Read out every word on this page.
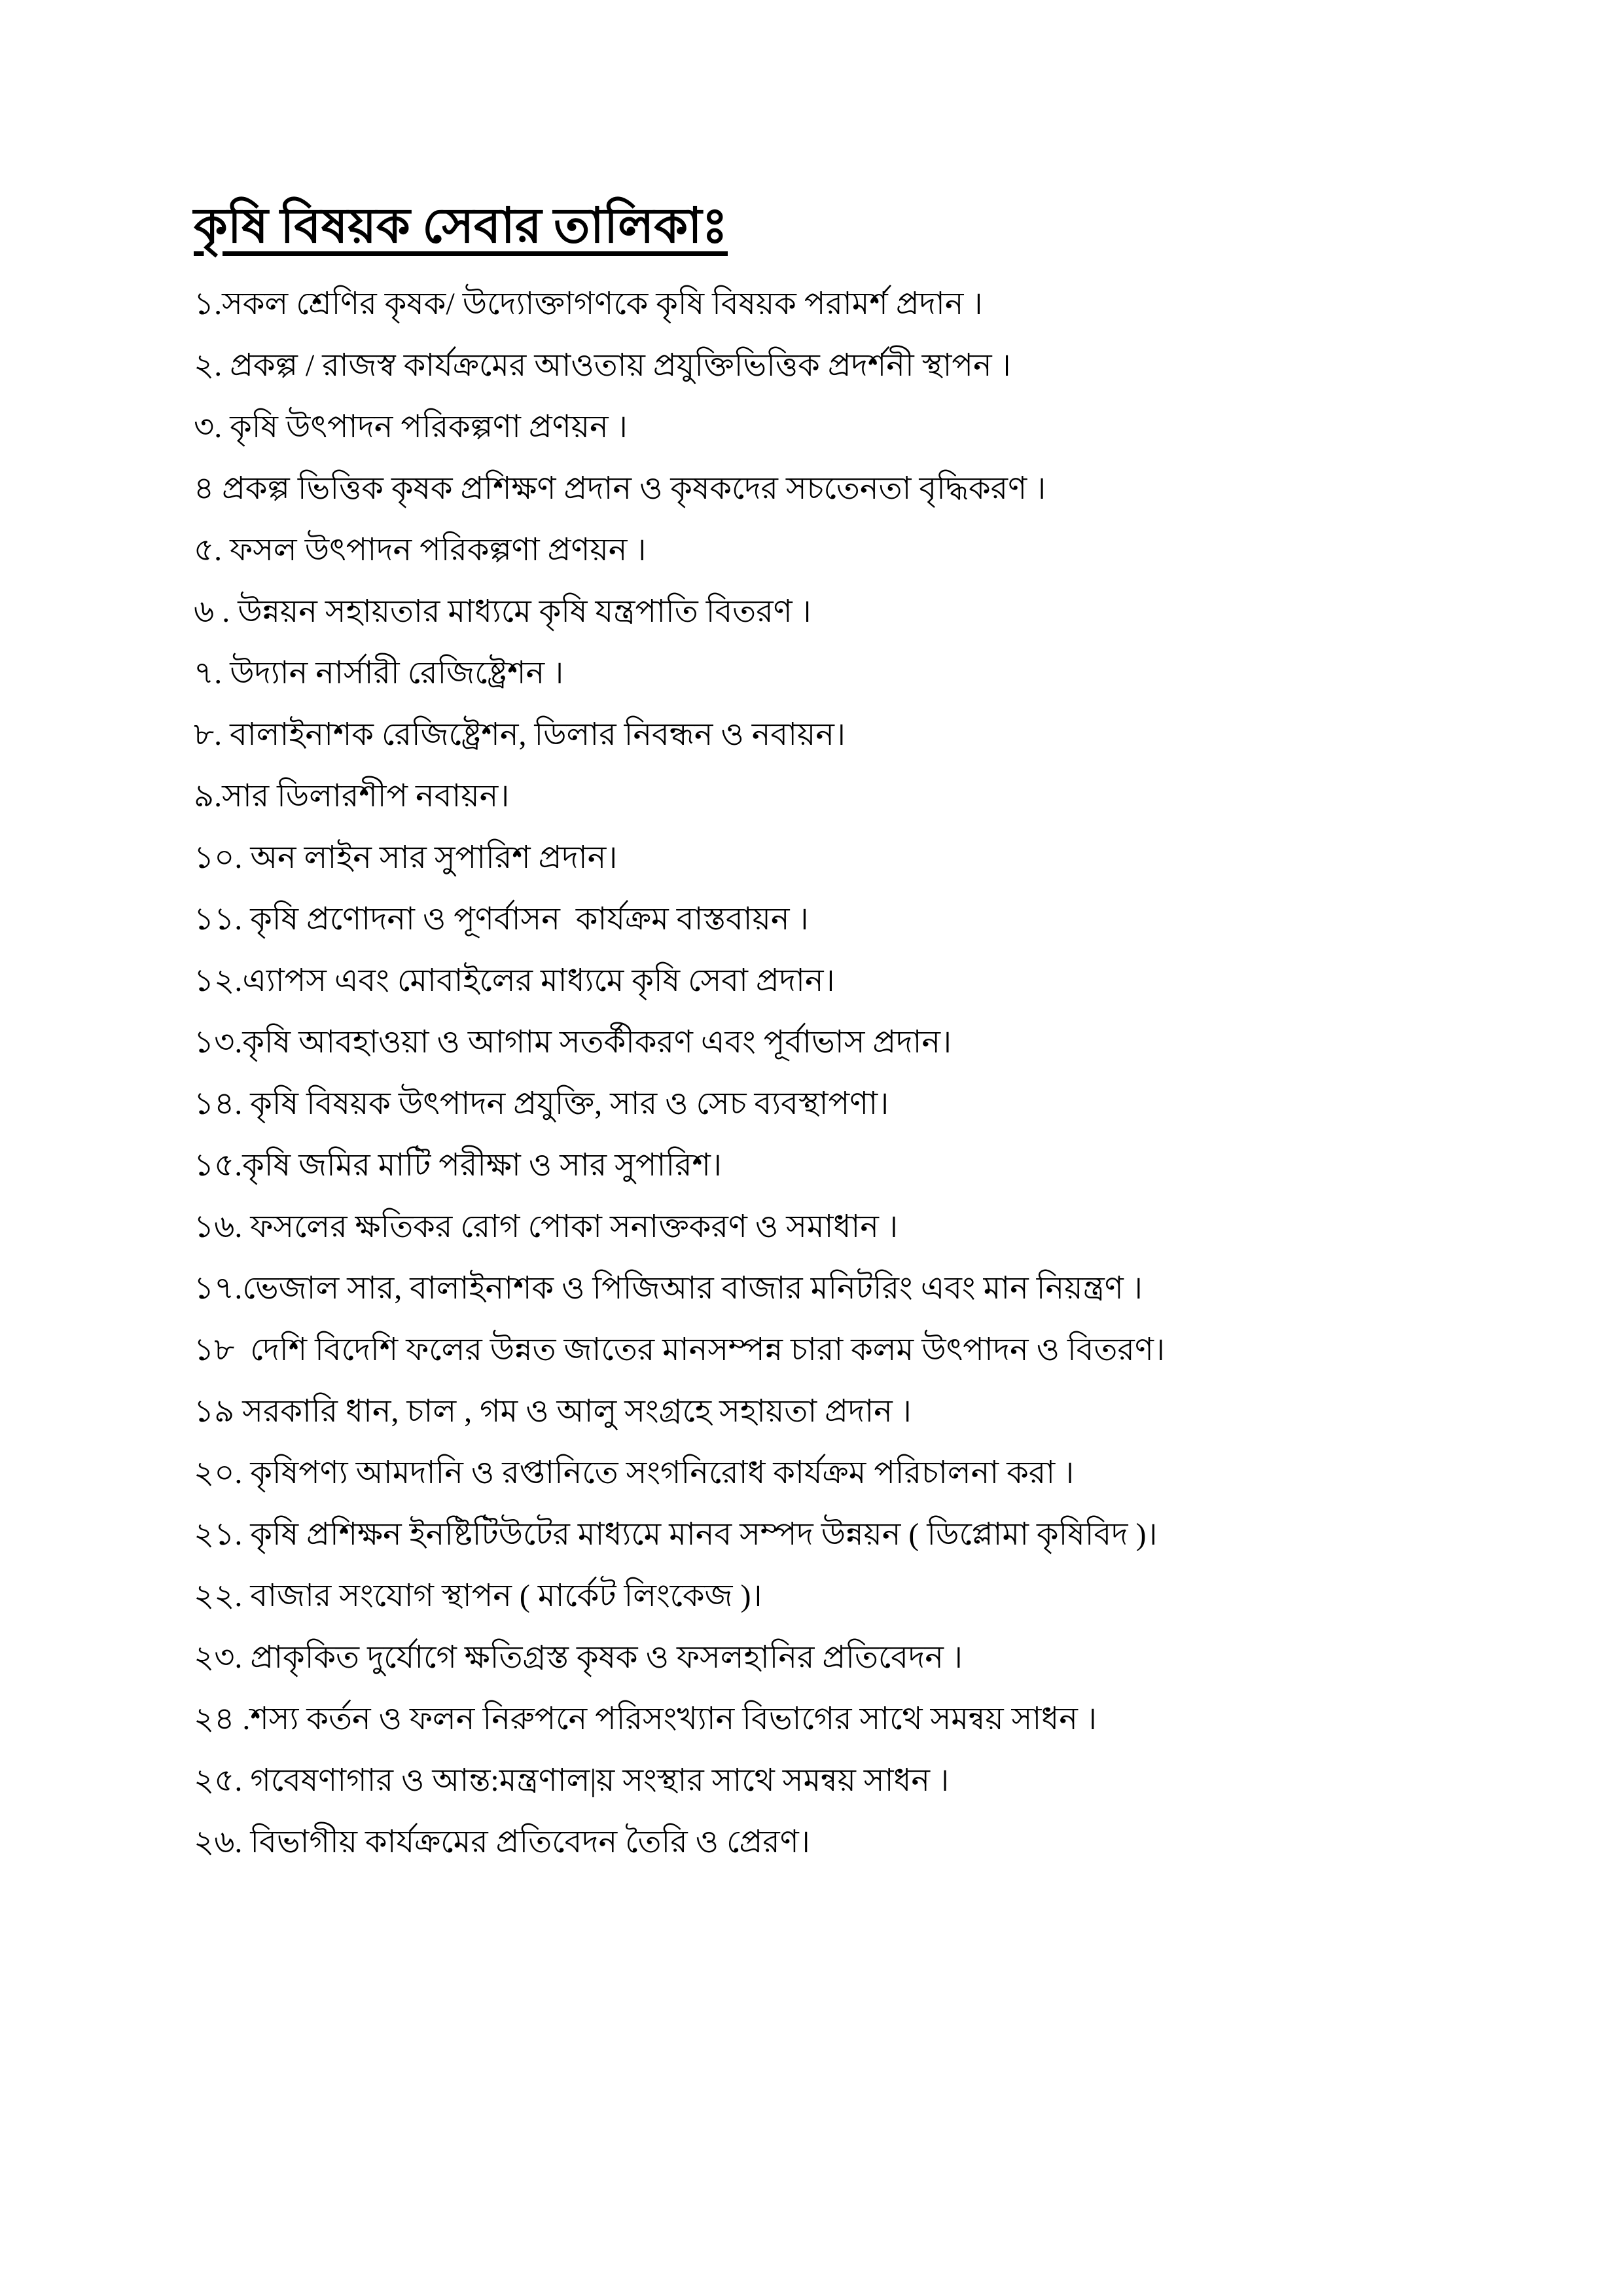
কৃষি বিষয়ক সেবার তালিকাঃ

১.সকল শ্রেণির কৃষক/ উদ্যোক্তাগণকে কৃষি বিষয়ক পরামর্শ প্রদান ।

২. প্রকল্প / রাজস্ব কার্যক্রমের আওতায় প্রযুক্তিভিত্তিক প্রদর্শনী স্থাপন ।

৩. কৃষি উৎপাদন পরিকল্পণা প্রণয়ন ।

৪ প্রকল্প ভিত্তিক কৃষক প্রশিক্ষণ প্রদান ও কৃষকদের সচতেনতা বৃদ্ধিকরণ ।

৫. ফসল উৎপাদন পরিকল্পণা প্রণয়ন ।

৬ . উন্নয়ন সহায়তার মাধ্যমে কৃষি যন্ত্রপাতি বিতরণ ।

৭. উদ্যান নার্সারী রেজিষ্ট্রেশন ।

৮. বালাইনাশক রেজিষ্ট্রেশন, ডিলার নিবন্ধন ও নবায়ন।

৯.সার ডিলারশীপ নবায়ন।

১০. অন লাইন সার সুপারিশ প্রদান।

১১. কৃষি প্রণোদনা ও পূণর্বাসন  কার্যক্রম বাস্তবায়ন ।

১২.এ্যাপস এবং মোবাইলের মাধ্যমে কৃষি সেবা প্রদান।

১৩.কৃষি আবহাওয়া ও আগাম সতর্কীকরণ এবং পূর্বাভাস প্রদান।

১৪. কৃষি বিষয়ক উৎপাদন প্রযুক্তি, সার ও সেচ ব্যবস্থাপণা।

১৫.কৃষি জমির মাটি পরীক্ষা ও সার সুপারিশ।

১৬. ফসলের ক্ষতিকর রোগ পোকা সনাক্তকরণ ও সমাধান ।

১৭.ভেজাল সার, বালাইনাশক ও পিজিআর বাজার মনিটরিং এবং মান নিয়ন্ত্রণ ।

১৮  দেশি বিদেশি ফলের উন্নত জাতের মানসম্পন্ন চারা কলম উৎপাদন ও বিতরণ।

১৯ সরকারি ধান, চাল , গম ও আলু সংগ্রহে সহায়তা প্রদান ।

২০. কৃষিপণ্য আমদানি ও রপ্তানিতে সংগনিরোধ কার্যক্রম পরিচালনা করা ।

২১. কৃষি প্রশিক্ষন ইনষ্টিটিউটের মাধ্যমে মানব সম্পদ উন্নয়ন ( ডিপ্লোমা কৃষিবিদ )।

২২. বাজার সংযোগ স্থাপন ( মার্কেট লিংকেজ )।

২৩. প্রাকৃকিত দুর্যোগে ক্ষতিগ্রস্ত কৃষক ও ফসলহানির প্রতিবেদন ।

২৪ .শস্য কর্তন ও ফলন নিরুপনে পরিসংখ্যান বিভাগের সাথে সমন্বয় সাধন ।

২৫. গবেষণাগার ও আন্ত:মন্ত্রণাল|য় সংস্থার সাথে সমন্বয় সাধন ।

২৬. বিভাগীয় কার্যক্রমের প্রতিবেদন তৈরি ও প্রেরণ।
